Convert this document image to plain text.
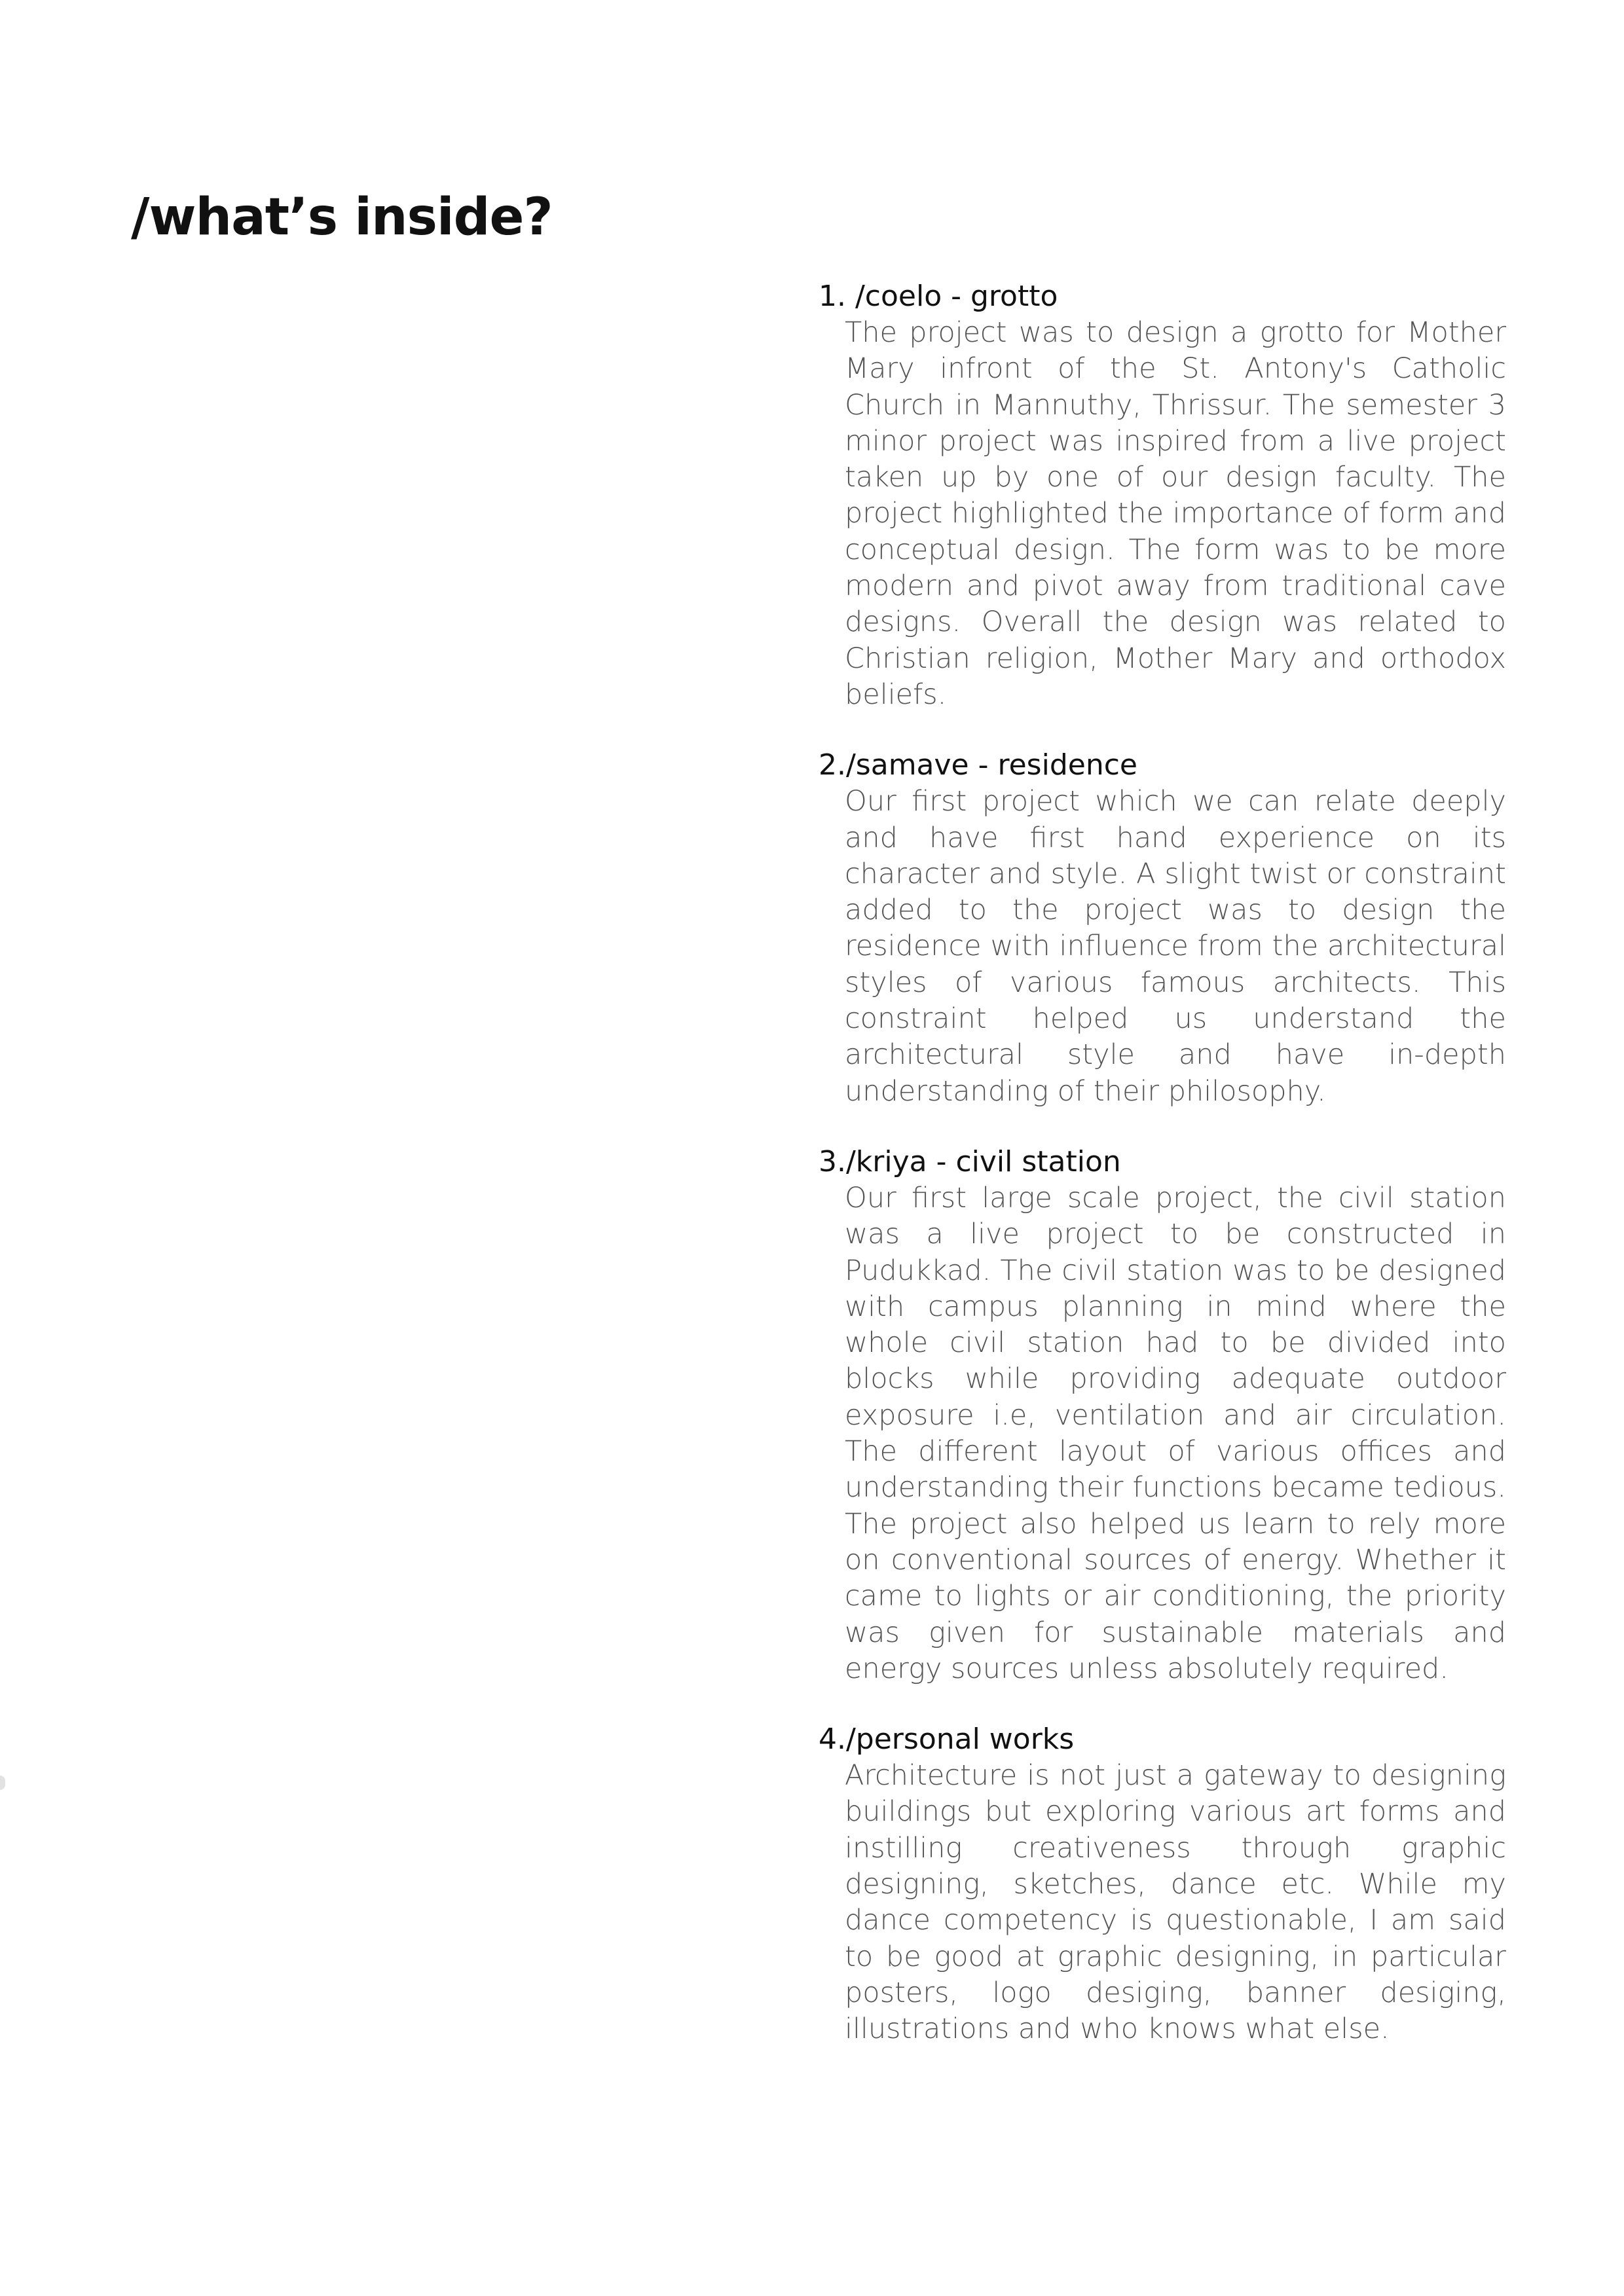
/what’s inside?
1. /coelo - grotto

The project was to design a grotto for Mother Mary infront of the St. Antony's Catholic Church in Mannuthy, Thrissur. The semester 3 minor project was inspired from a live project taken up by one of our design faculty. The project highlighted the importance of form and conceptual design. The form was to be more modern and pivot away from traditional cave designs. Overall the design was related to Christian religion, Mother Mary and orthodox beliefs.

2./samave - residence

Our first project which we can relate deeply and have first hand experience on its character and style. A slight twist or constraint added to the project was to design the residence with influence from the architectural styles of various famous architects. This constraint helped us understand the architectural style and have in-depth understanding of their philosophy.

3./kriya - civil station

Our first large scale project, the civil station was a live project to be constructed in Pudukkad. The civil station was to be designed with campus planning in mind where the whole civil station had to be divided into blocks while providing adequate outdoor exposure i.e, ventilation and air circulation. The different layout of various offices and understanding their functions became tedious. The project also helped us learn to rely more on conventional sources of energy. Whether it came to lights or air conditioning, the priority was given for sustainable materials and energy sources unless absolutely required.

4./personal works

Architecture is not just a gateway to designing buildings but exploring various art forms and instilling creativeness through graphic designing, sketches, dance etc. While my dance competency is questionable, I am said to be good at graphic designing, in particular posters, logo desiging, banner desiging, illustrations and who knows what else.
